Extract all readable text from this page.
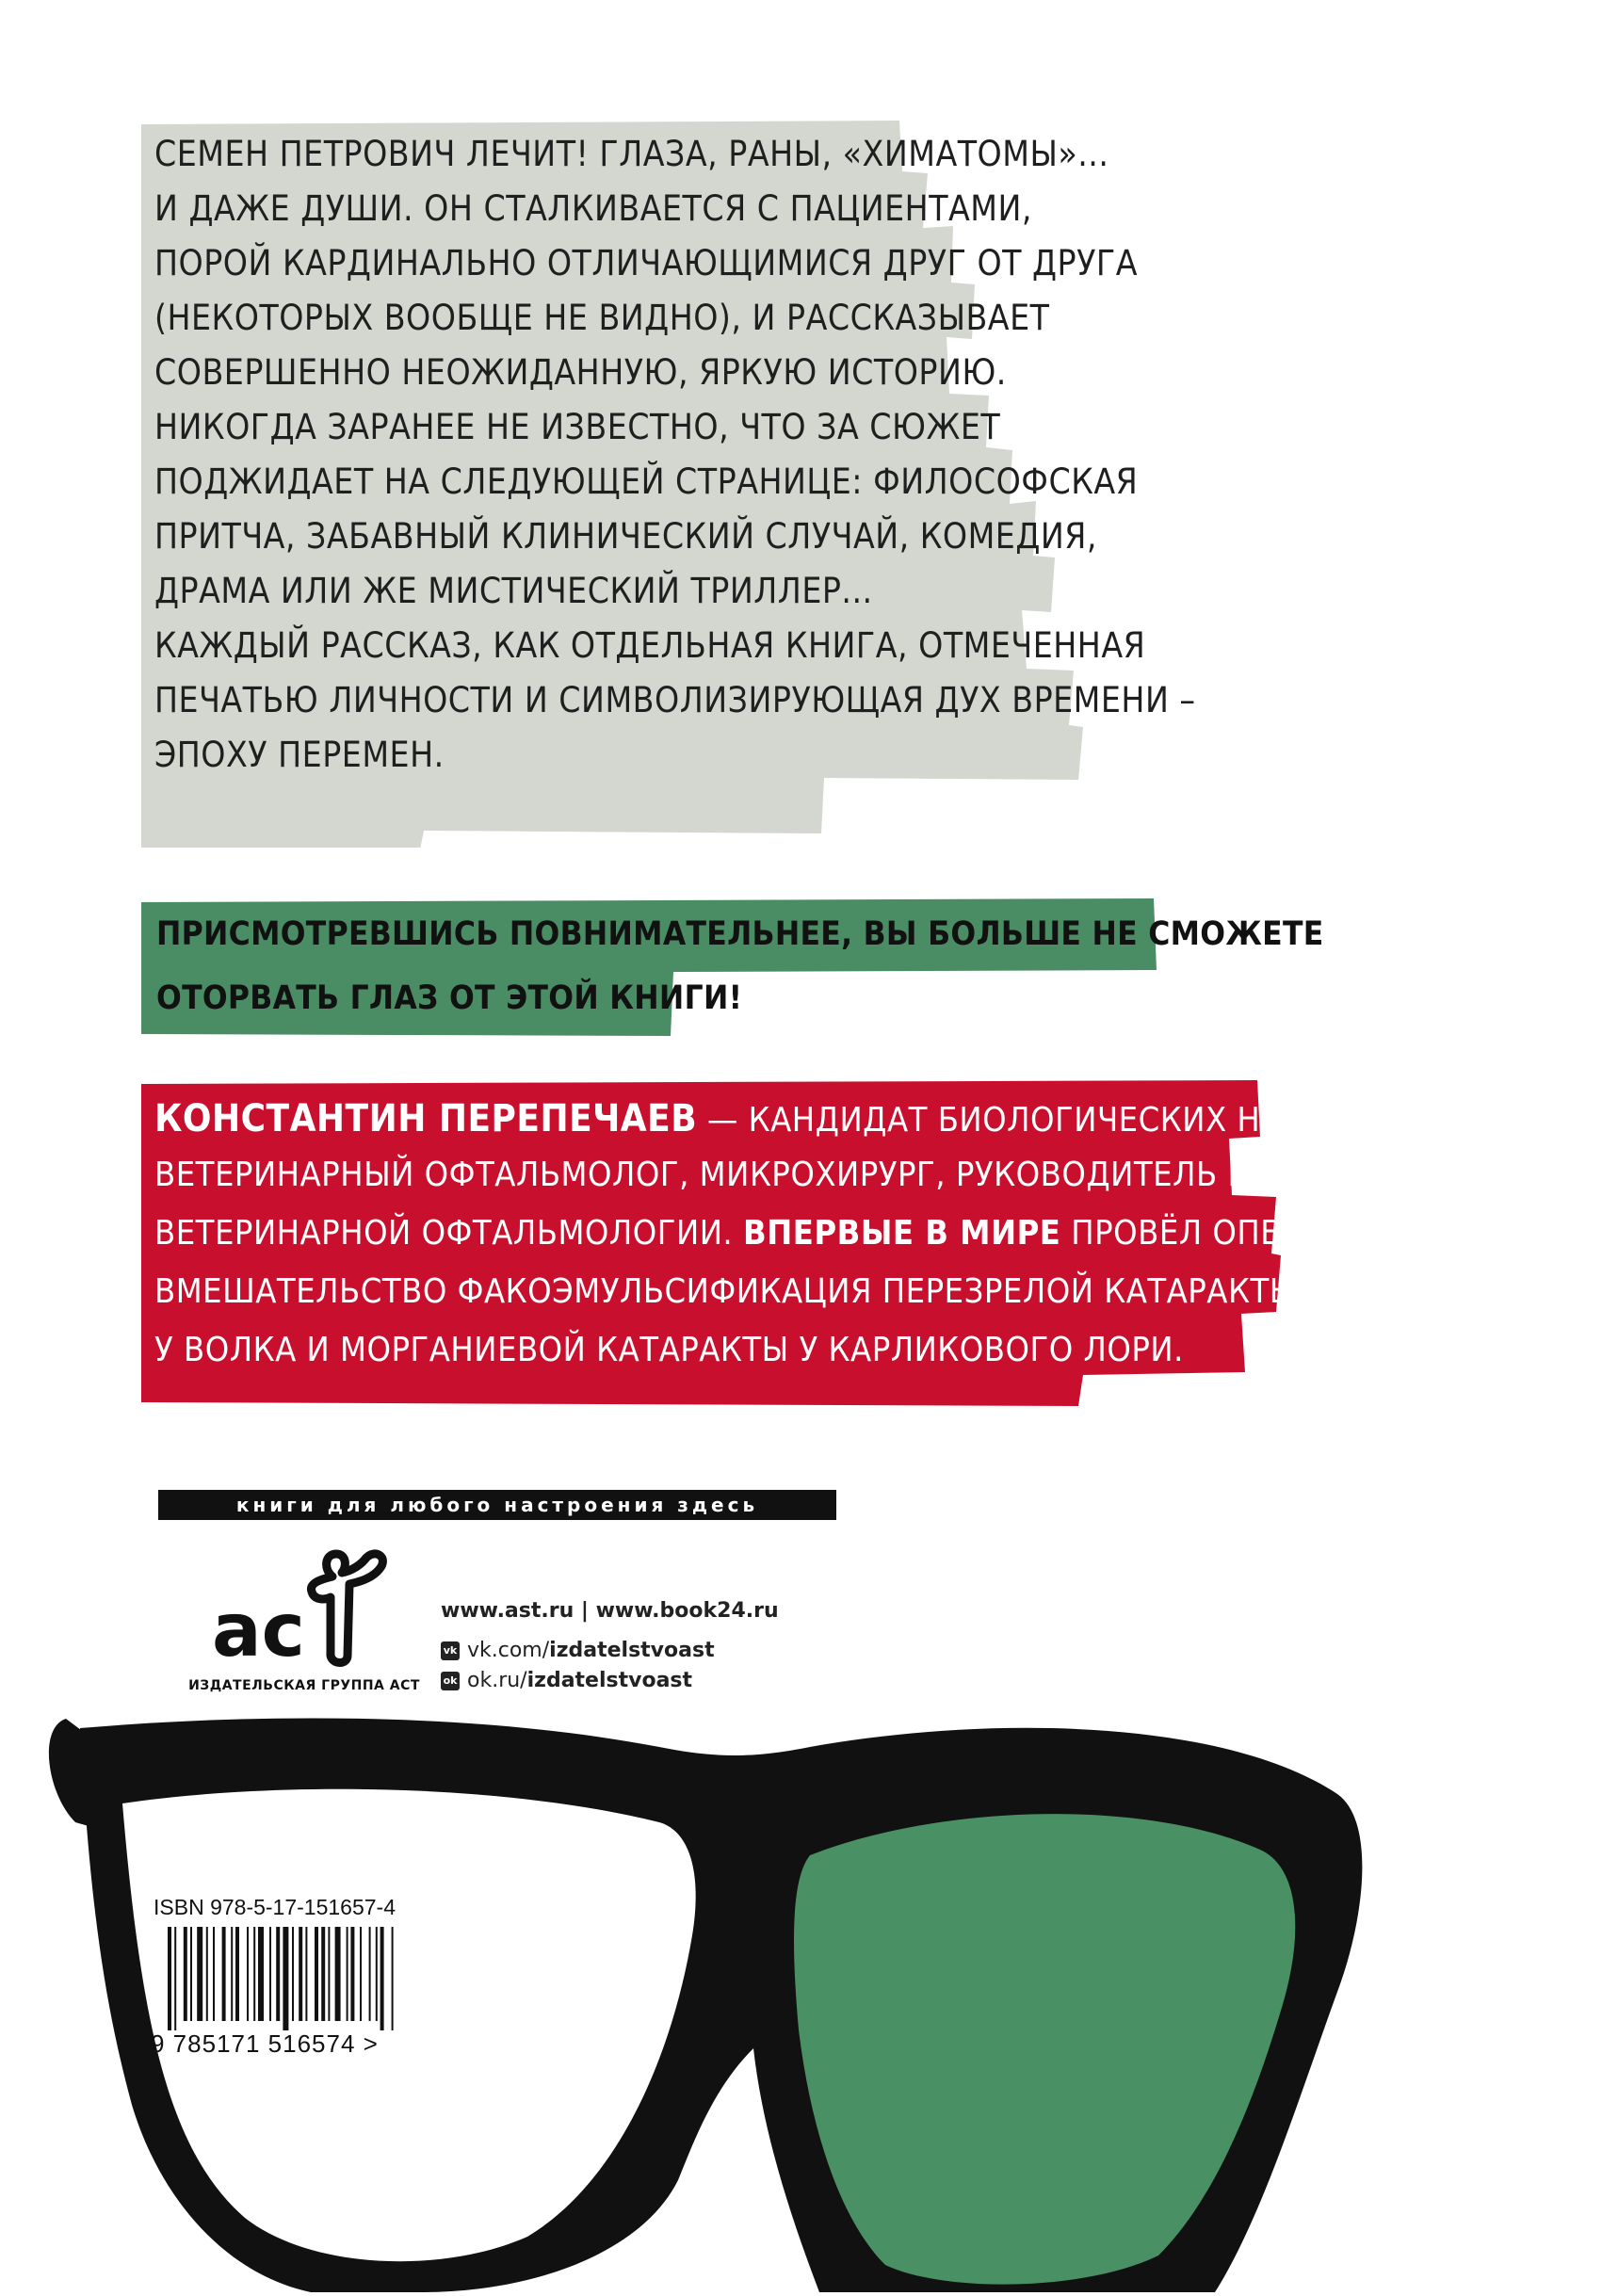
СЕМЕН ПЕТРОВИЧ ЛЕЧИТ! ГЛАЗА, РАНЫ, «ХИМАТОМЫ»...
И ДАЖЕ ДУШИ. ОН СТАЛКИВАЕТСЯ С ПАЦИЕНТАМИ,
ПОРОЙ КАРДИНАЛЬНО ОТЛИЧАЮЩИМИСЯ ДРУГ ОТ ДРУГА
(НЕКОТОРЫХ ВООБЩЕ НЕ ВИДНО), И РАССКАЗЫВАЕТ
СОВЕРШЕННО НЕОЖИДАННУЮ, ЯРКУЮ ИСТОРИЮ.
НИКОГДА ЗАРАНЕЕ НЕ ИЗВЕСТНО, ЧТО ЗА СЮЖЕТ
ПОДЖИДАЕТ НА СЛЕДУЮЩЕЙ СТРАНИЦЕ: ФИЛОСОФСКАЯ
ПРИТЧА, ЗАБАВНЫЙ КЛИНИЧЕСКИЙ СЛУЧАЙ, КОМЕДИЯ,
ДРАМА ИЛИ ЖЕ МИСТИЧЕСКИЙ ТРИЛЛЕР...
КАЖДЫЙ РАССКАЗ, КАК ОТДЕЛЬНАЯ КНИГА, ОТМЕЧЕННАЯ
ПЕЧАТЬЮ ЛИЧНОСТИ И СИМВОЛИЗИРУЮЩАЯ ДУХ ВРЕМЕНИ –
ЭПОХУ ПЕРЕМЕН.
ПРИСМОТРЕВШИСЬ ПОВНИМАТЕЛЬНЕЕ, ВЫ БОЛЬШЕ НЕ СМОЖЕТЕ
ОТОРВАТЬ ГЛАЗ ОТ ЭТОЙ КНИГИ!
КОНСТАНТИН ПЕРЕПЕЧАЕВ — КАНДИДАТ БИОЛОГИЧЕСКИХ НАУК,
ВЕТЕРИНАРНЫЙ ОФТАЛЬМОЛОГ, МИКРОХИРУРГ, РУКОВОДИТЕЛЬ ЦЕНТРА
ВЕТЕРИНАРНОЙ ОФТАЛЬМОЛОГИИ. ВПЕРВЫЕ В МИРЕ ПРОВЁЛ ОПЕРАТИВНОЕ
ВМЕШАТЕЛЬСТВО ФАКОЭМУЛЬСИФИКАЦИЯ ПЕРЕЗРЕЛОЙ КАТАРАКТЫ
У ВОЛКА И МОРГАНИЕВОЙ КАТАРАКТЫ У КАРЛИКОВОГО ЛОРИ.
книги для любого настроения здесь
ас
ИЗДАТЕЛЬСКАЯ ГРУППА АСТ
www.ast.ru | www.book24.ru
vk vk.com/ izdatelstvoast
ok ok.ru/ izdatelstvoast
ISBN 978-5-17-151657-4
9 785171 516574 >
